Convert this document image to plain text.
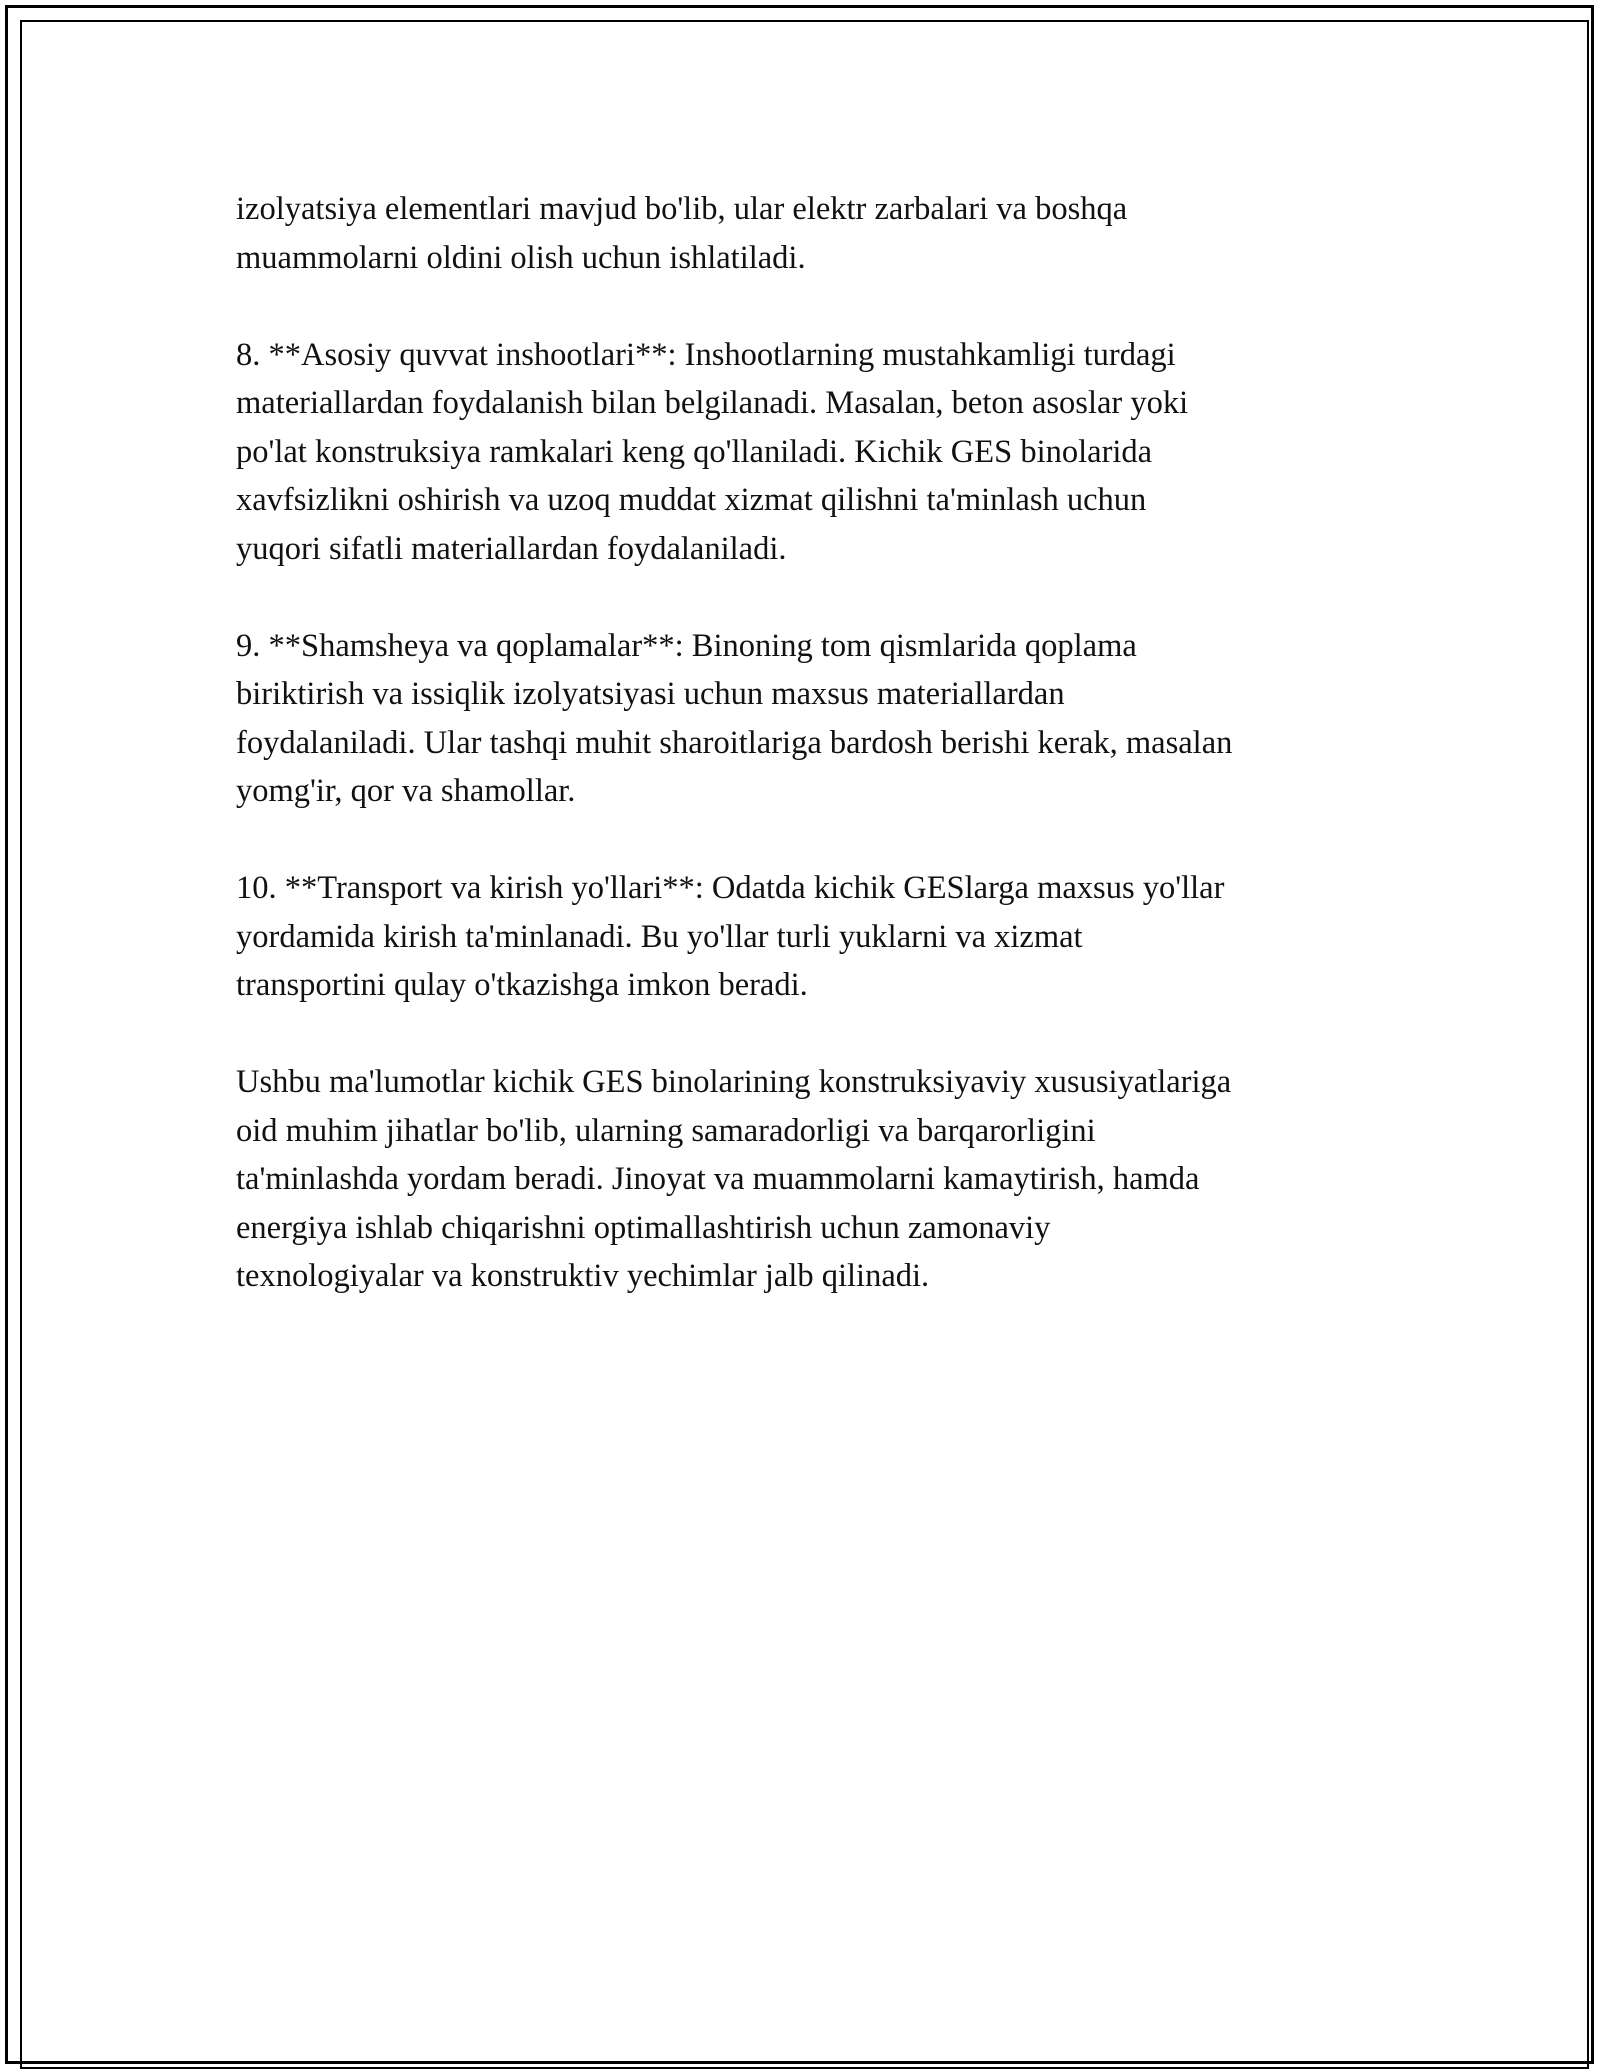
izolyatsiya elementlari mavjud bo'lib, ular elektr zarbalari va boshqa
muammolarni oldini olish uchun ishlatiladi.

8. **Asosiy quvvat inshootlari**: Inshootlarning mustahkamligi turdagi
materiallardan foydalanish bilan belgilanadi. Masalan, beton asoslar yoki
po'lat konstruksiya ramkalari keng qo'llaniladi. Kichik GES binolarida
xavfsizlikni oshirish va uzoq muddat xizmat qilishni ta'minlash uchun
yuqori sifatli materiallardan foydalaniladi.

9. **Shamsheya va qoplamalar**: Binoning tom qismlarida qoplama
biriktirish va issiqlik izolyatsiyasi uchun maxsus materiallardan
foydalaniladi. Ular tashqi muhit sharoitlariga bardosh berishi kerak, masalan
yomg'ir, qor va shamollar.

10. **Transport va kirish yo'llari**: Odatda kichik GESlarga maxsus yo'llar
yordamida kirish ta'minlanadi. Bu yo'llar turli yuklarni va xizmat
transportini qulay o'tkazishga imkon beradi.

Ushbu ma'lumotlar kichik GES binolarining konstruksiyaviy xususiyatlariga
oid muhim jihatlar bo'lib, ularning samaradorligi va barqarorligini
ta'minlashda yordam beradi. Jinoyat va muammolarni kamaytirish, hamda
energiya ishlab chiqarishni optimallashtirish uchun zamonaviy
texnologiyalar va konstruktiv yechimlar jalb qilinadi.
